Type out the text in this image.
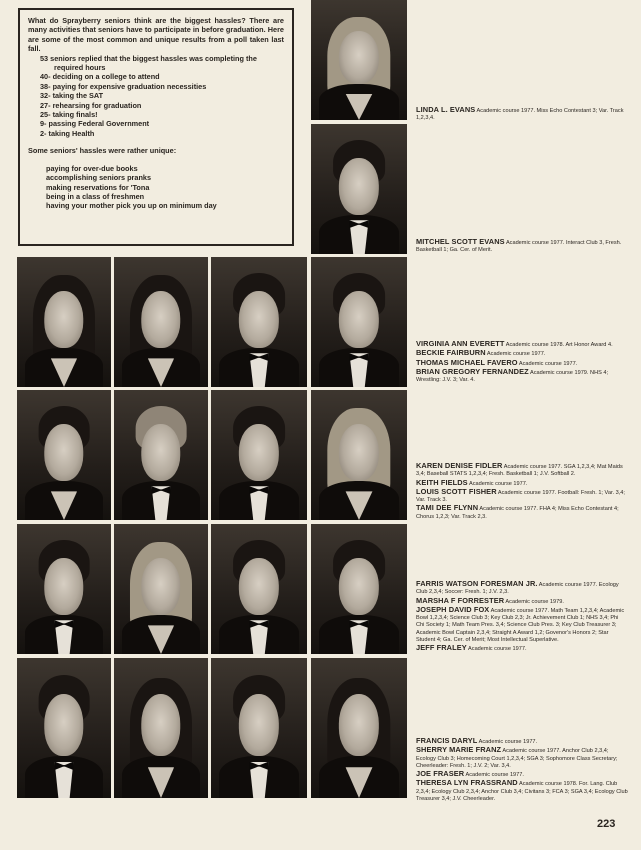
What do Sprayberry seniors think are the biggest hassles? There are many activities that seniors have to participate in before graduation. Here are some of the most common and unique results from a poll taken last fall.

53 seniors replied that the biggest hassles was completing the required hours
40- deciding on a college to attend
38- paying for expensive graduation necessities
32- taking the SAT
27- rehearsing for graduation
25- taking finals!
9- passing Federal Government
2- taking Health

Some seniors' hassles were rather unique:

paying for over-due books
accomplishing seniors pranks
making reservations for 'Tona
being in a class of freshmen
having your mother pick you up on minimum day

LINDA L. EVANS Academic course 1977. Miss Echo Contestant 3; Var. Track 1,2,3,4.

MITCHEL SCOTT EVANS Academic course 1977. Interact Club 3, Fresh. Basketball 1; Ga. Cer. of Merit.

VIRGINIA ANN EVERETT Academic course 1978. Art Honor Award 4.

BECKIE FAIRBURN Academic course 1977.

THOMAS MICHAEL FAVERO Academic course 1977.

BRIAN GREGORY FERNANDEZ Academic course 1979. NHS 4; Wrestling: J.V. 3; Var. 4.

KAREN DENISE FIDLER Academic course 1977. SGA 1,2,3,4; Mat Maids 3,4; Baseball STATS 1,2,3,4; Fresh. Basketball 1; J.V. Softball 2.

KEITH FIELDS Academic course 1977.

LOUIS SCOTT FISHER Academic course 1977. Football: Fresh. 1; Var. 3,4; Var. Track 3.

TAMI DEE FLYNN Academic course 1977. FHA 4; Miss Echo Contestant 4; Chorus 1,2,3; Var. Track 2,3.

FARRIS WATSON FORESMAN JR. Academic course 1977. Ecology Club 2,3,4; Soccer: Fresh. 1; J.V. 2,3.

MARSHA F FORRESTER Academic course 1979.

JOSEPH DAVID FOX Academic course 1977. Math Team 1,2,3,4; Academic Bowl 1,2,3,4; Science Club 3; Key Club 2,3; Jr. Achievement Club 1; NHS 3,4; Phi Chi Society 1; Math Team Pres. 3,4; Science Club Pres. 3; Key Club Treasurer 3; Academic Bowl Captain 2,3,4; Straight A Award 1,2; Govenor's Honors 2; Star Student 4; Ga. Cer. of Merit; Most Intellectual Superlative.

JEFF FRALEY Academic course 1977.

FRANCIS DARYL Academic course 1977.

SHERRY MARIE FRANZ Academic course 1977. Anchor Club 2,3,4; Ecology Club 3; Homecoming Court 1,2,3,4; SGA 3; Sophomore Class Secretary; Cheerleader: Fresh. 1; J.V. 2; Var. 3,4.

JOE FRASER Academic course 1977.

THERESA LYN FRASSRAND Academic course 1978. For. Lang. Club 2,3,4; Ecology Club 2,3,4; Anchor Club 3,4; Civitans 3; FCA 3; SGA 3,4; Ecology Club Treasurer 3,4; J.V. Cheerleader.

223
